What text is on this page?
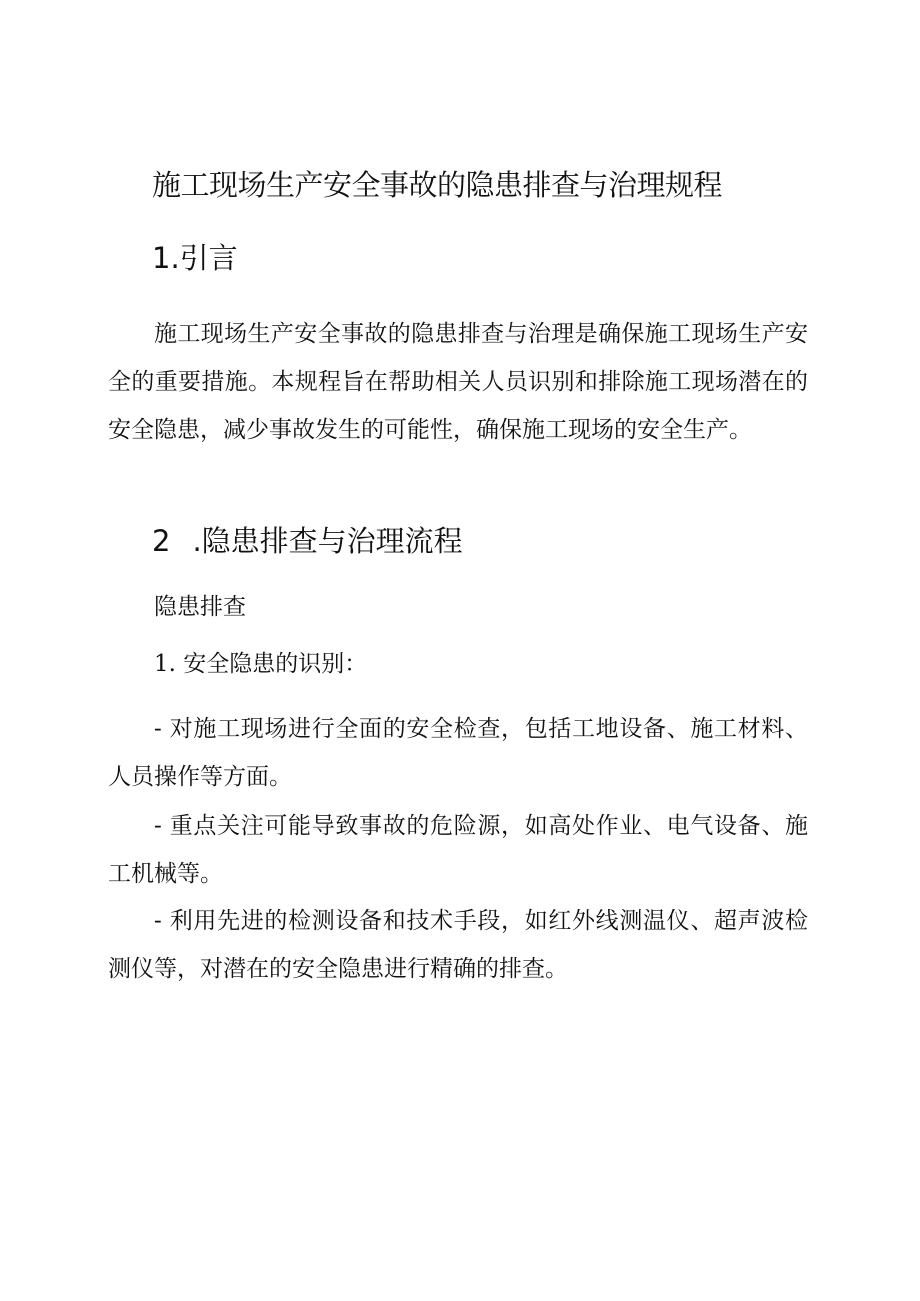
施工现场生产安全事故的隐患排查与治理规程
1.引言

施工现场生产安全事故的隐患排查与治理是确保施工现场生产安全的重要措施。本规程旨在帮助相关人员识别和排除施工现场潜在的安全隐患，减少事故发生的可能性，确保施工现场的安全生产。

2 .隐患排查与治理流程

隐患排查

1. 安全隐患的识别：

- 对施工现场进行全面的安全检查，包括工地设备、施工材料、人员操作等方面。

- 重点关注可能导致事故的危险源，如高处作业、电气设备、施工机械等。

- 利用先进的检测设备和技术手段，如红外线测温仪、超声波检测仪等，对潜在的安全隐患进行精确的排查。
